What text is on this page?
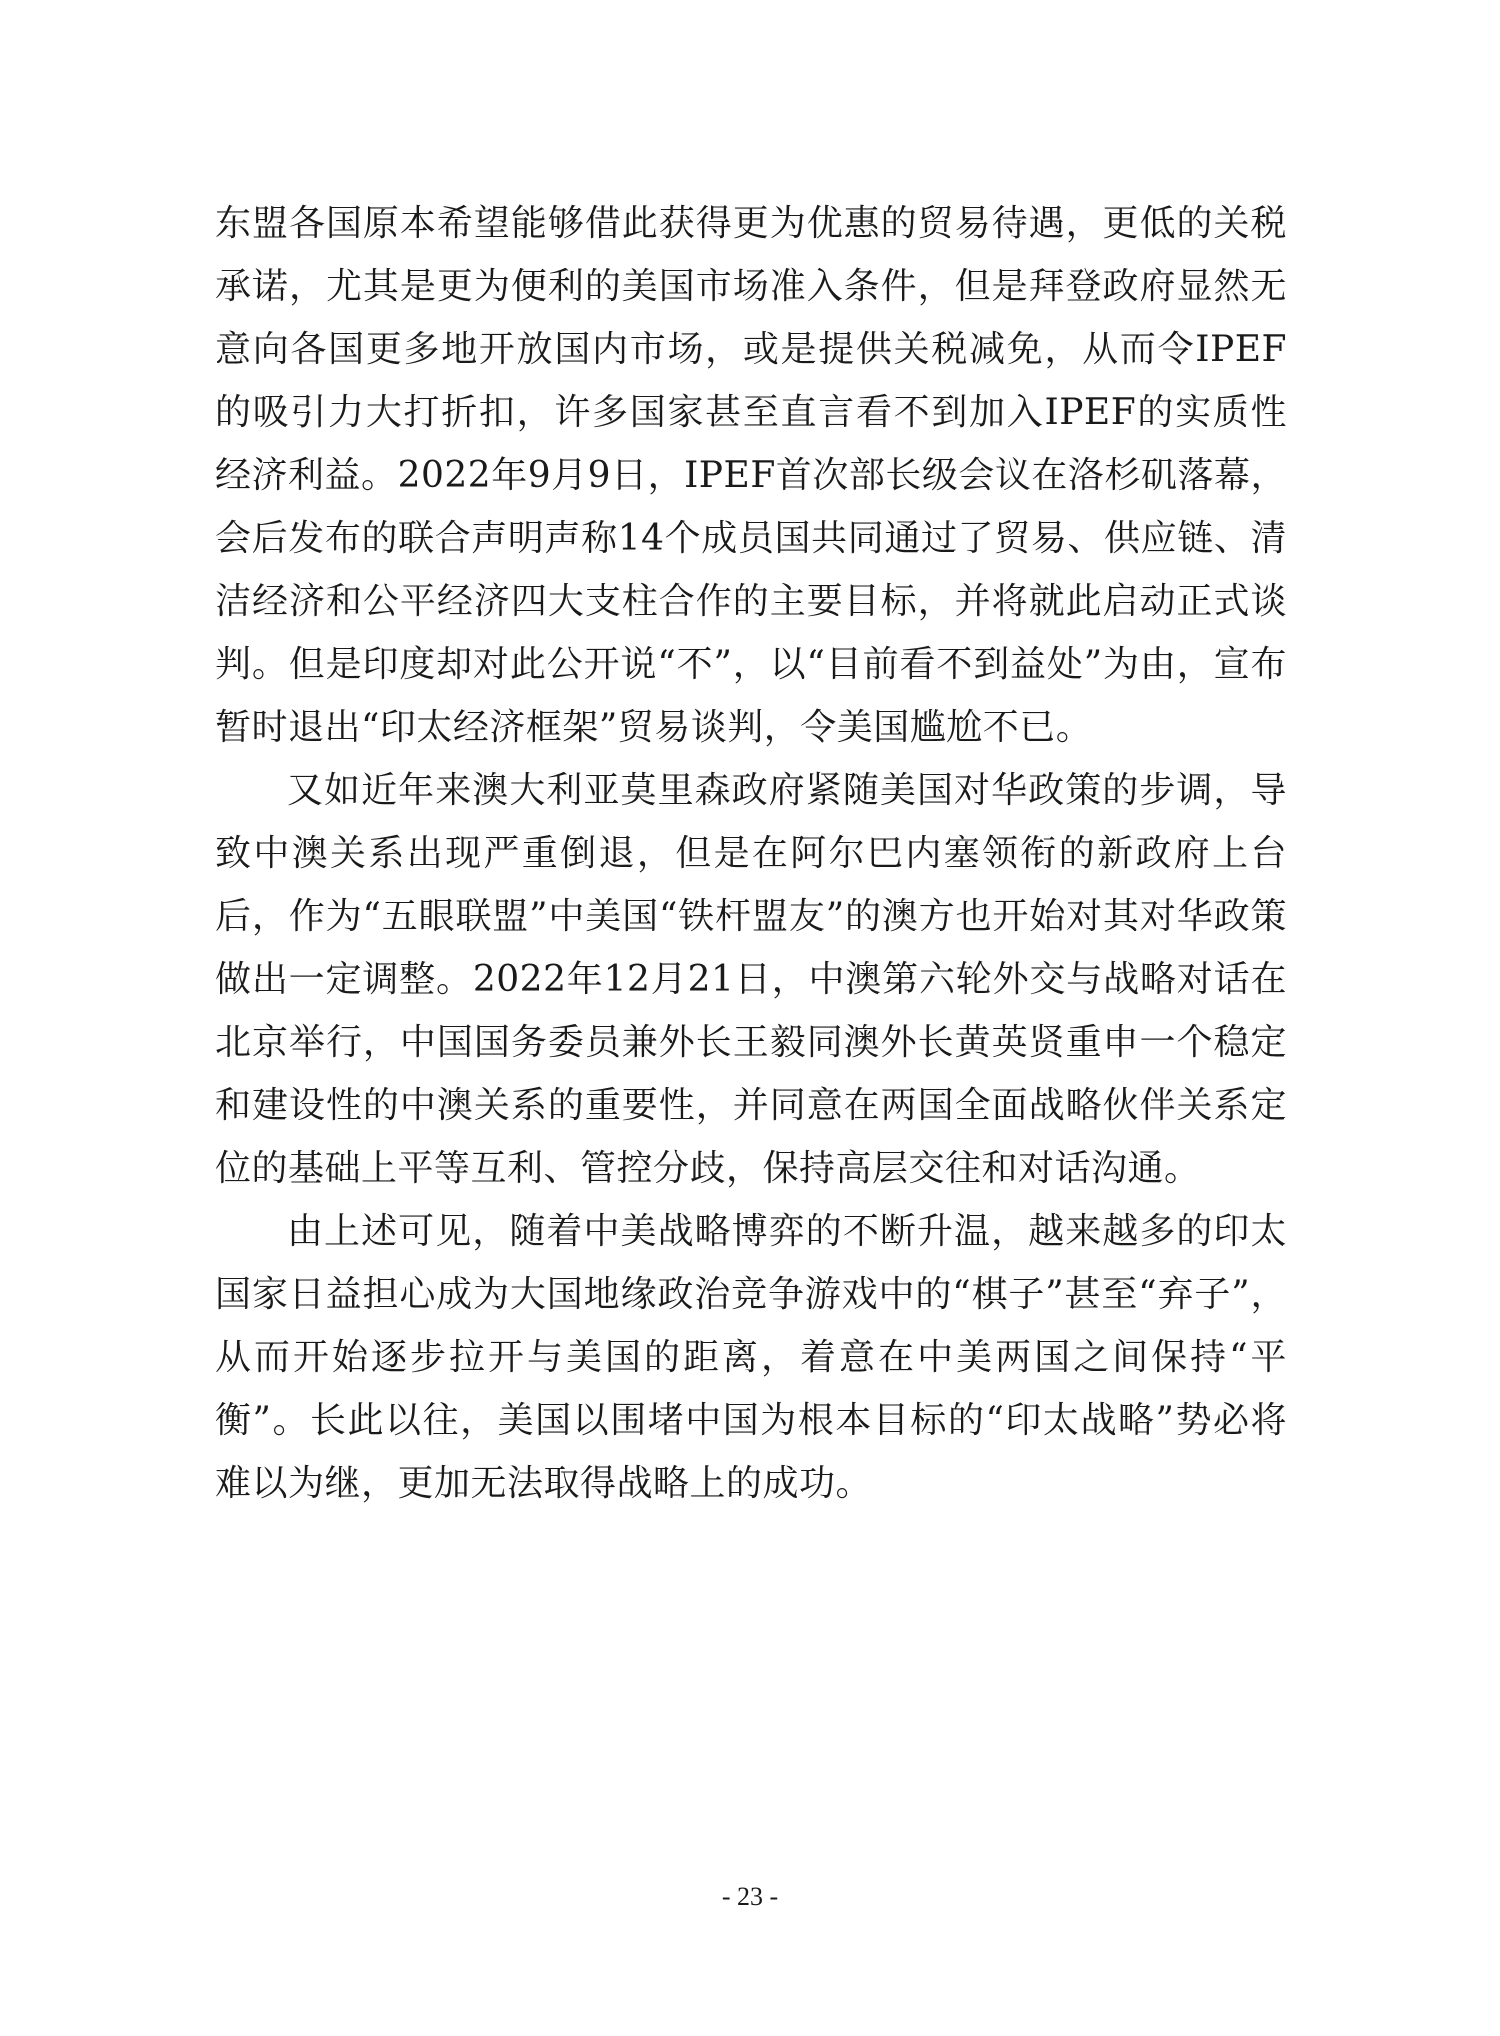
东盟各国原本希望能够借此获得更为优惠的贸易待遇，更低的关税承诺，尤其是更为便利的美国市场准入条件，但是拜登政府显然无意向各国更多地开放国内市场，或是提供关税减免，从而令IPEF的吸引力大打折扣，许多国家甚至直言看不到加入IPEF的实质性经济利益。2022年9月9日，IPEF首次部长级会议在洛杉矶落幕，会后发布的联合声明声称14个成员国共同通过了贸易、供应链、清洁经济和公平经济四大支柱合作的主要目标，并将就此启动正式谈判。但是印度却对此公开说“不”，以“目前看不到益处”为由，宣布暂时退出“印太经济框架”贸易谈判，令美国尴尬不已。

又如近年来澳大利亚莫里森政府紧随美国对华政策的步调，导致中澳关系出现严重倒退，但是在阿尔巴内塞领衔的新政府上台后，作为“五眼联盟”中美国“铁杆盟友”的澳方也开始对其对华政策做出一定调整。2022年12月21日，中澳第六轮外交与战略对话在北京举行，中国国务委员兼外长王毅同澳外长黄英贤重申一个稳定和建设性的中澳关系的重要性，并同意在两国全面战略伙伴关系定位的基础上平等互利、管控分歧，保持高层交往和对话沟通。

由上述可见，随着中美战略博弈的不断升温，越来越多的印太国家日益担心成为大国地缘政治竞争游戏中的“棋子”甚至“弃子”，从而开始逐步拉开与美国的距离，着意在中美两国之间保持“平衡”。长此以往，美国以围堵中国为根本目标的“印太战略”势必将难以为继，更加无法取得战略上的成功。

- 23 -
